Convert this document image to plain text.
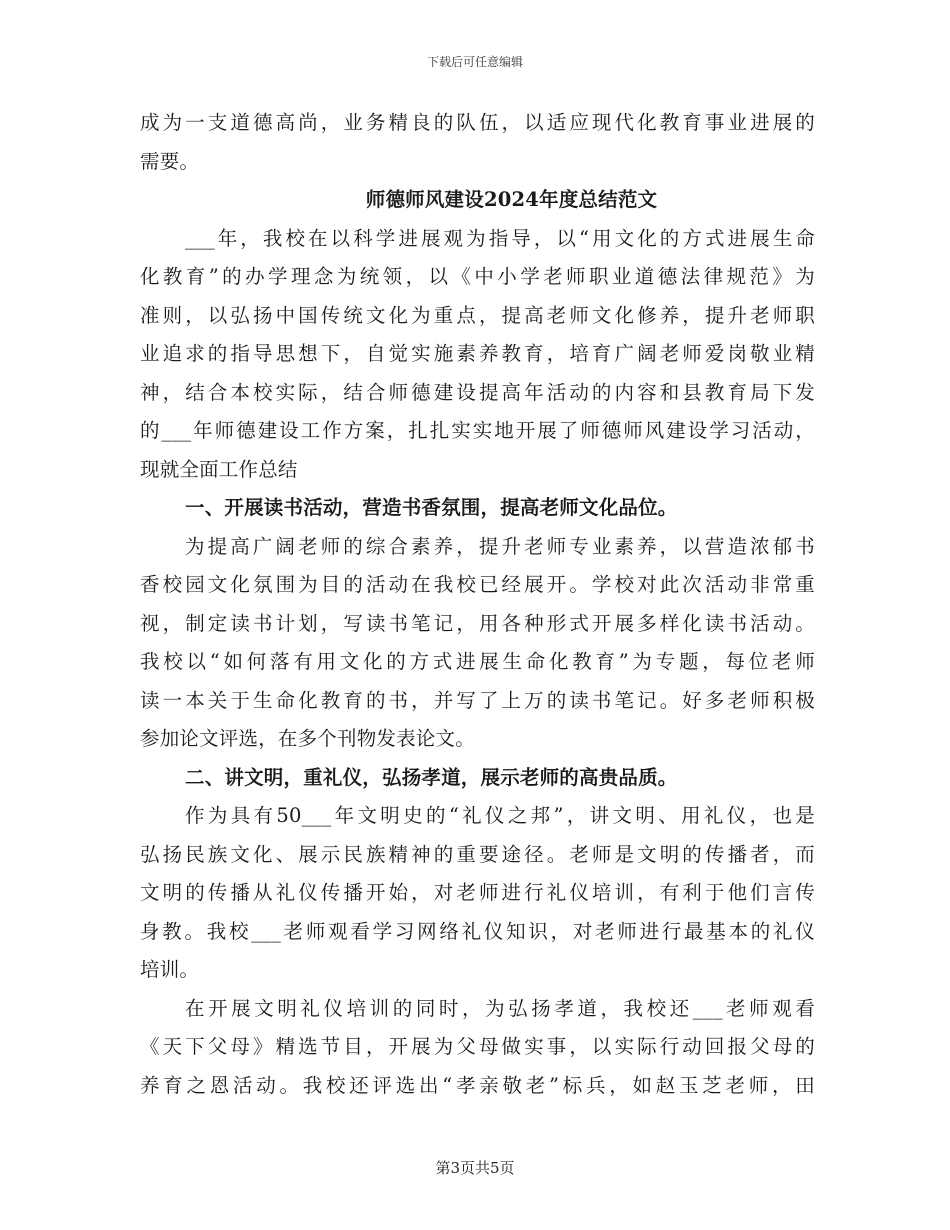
下载后可任意编辑
成为一支道德高尚，业务精良的队伍，以适应现代化教育事业进展的
需要。
师德师风建设2024年度总结范文
___年，我校在以科学进展观为指导，以“用文化的方式进展生命
化教育”的办学理念为统领，以《中小学老师职业道德法律规范》为
准则，以弘扬中国传统文化为重点，提高老师文化修养，提升老师职
业追求的指导思想下，自觉实施素养教育，培育广阔老师爱岗敬业精
神，结合本校实际，结合师德建设提高年活动的内容和县教育局下发
的___年师德建设工作方案，扎扎实实地开展了师德师风建设学习活动，
现就全面工作总结
一、开展读书活动，营造书香氛围，提高老师文化品位。
为提高广阔老师的综合素养，提升老师专业素养，以营造浓郁书
香校园文化氛围为目的活动在我校已经展开。学校对此次活动非常重
视，制定读书计划，写读书笔记，用各种形式开展多样化读书活动。
我校以“如何落有用文化的方式进展生命化教育”为专题，每位老师
读一本关于生命化教育的书，并写了上万的读书笔记。好多老师积极
参加论文评选，在多个刊物发表论文。
二、讲文明，重礼仪，弘扬孝道，展示老师的高贵品质。
作为具有50___年文明史的“礼仪之邦”，讲文明、用礼仪，也是
弘扬民族文化、展示民族精神的重要途径。老师是文明的传播者，而
文明的传播从礼仪传播开始，对老师进行礼仪培训，有利于他们言传
身教。我校___老师观看学习网络礼仪知识，对老师进行最基本的礼仪
培训。
在开展文明礼仪培训的同时，为弘扬孝道，我校还___老师观看
《天下父母》精选节目，开展为父母做实事，以实际行动回报父母的
养育之恩活动。我校还评选出“孝亲敬老”标兵，如赵玉芝老师，田
第3页共5页
